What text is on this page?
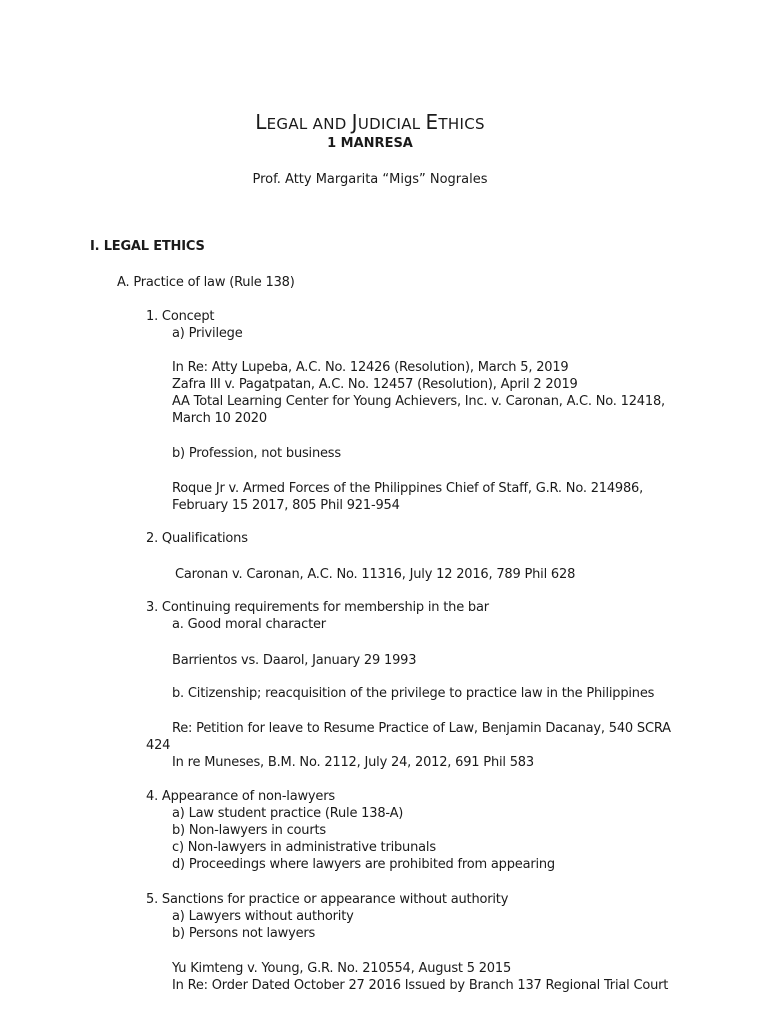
LEGAL AND JUDICIAL ETHICS
1 MANRESA
Prof. Atty Margarita “Migs” Nograles
I. LEGAL ETHICS
A. Practice of law (Rule 138)
1. Concept
a) Privilege
In Re: Atty Lupeba, A.C. No. 12426 (Resolution), March 5, 2019
Zafra III v. Pagatpatan, A.C. No. 12457 (Resolution), April 2 2019
AA Total Learning Center for Young Achievers, Inc. v. Caronan, A.C. No. 12418,
March 10 2020
b) Profession, not business
Roque Jr v. Armed Forces of the Philippines Chief of Staff, G.R. No. 214986,
February 15 2017, 805 Phil 921-954
2. Qualifications
Caronan v. Caronan, A.C. No. 11316, July 12 2016, 789 Phil 628
3. Continuing requirements for membership in the bar
a. Good moral character
Barrientos vs. Daarol, January 29 1993
b. Citizenship; reacquisition of the privilege to practice law in the Philippines
Re: Petition for leave to Resume Practice of Law, Benjamin Dacanay, 540 SCRA
424
In re Muneses, B.M. No. 2112, July 24, 2012, 691 Phil 583
4. Appearance of non-lawyers
a) Law student practice (Rule 138-A)
b) Non-lawyers in courts
c) Non-lawyers in administrative tribunals
d) Proceedings where lawyers are prohibited from appearing
5. Sanctions for practice or appearance without authority
a) Lawyers without authority
b) Persons not lawyers
Yu Kimteng v. Young, G.R. No. 210554, August 5 2015
In Re: Order Dated October 27 2016 Issued by Branch 137 Regional Trial Court
